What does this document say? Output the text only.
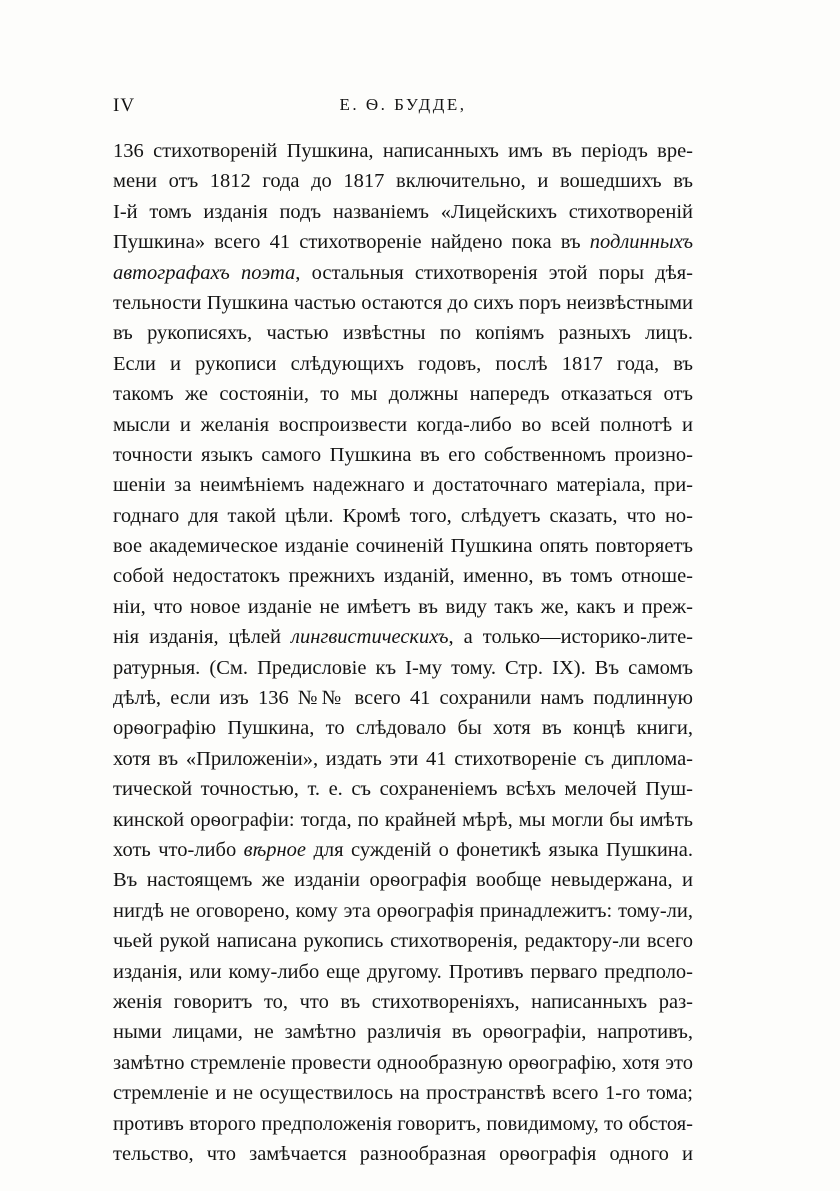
IV	Е. Ѳ. БУДДЕ,
136 стихотвореній Пушкина, написанныхъ имъ въ періодъ вре-
мени отъ 1812 года до 1817 включительно, и вошедшихъ въ
I-й томъ изданія подъ названіемъ «Лицейскихъ стихотвореній
Пушкина» всего 41 стихотвореніе найдено пока въ подлинныхъ
автографахъ поэта, остальныя стихотворенія этой поры дѣя-
тельности Пушкина частью остаются до сихъ поръ неизвѣстными
въ рукописяхъ, частью извѣстны по копіямъ разныхъ лицъ.
Если и рукописи слѣдующихъ годовъ, послѣ 1817 года, въ
такомъ же состояніи, то мы должны напередъ отказаться отъ
мысли и желанія воспроизвести когда-либо во всей полнотѣ и
точности языкъ самого Пушкина въ его собственномъ произно-
шеніи за неимѣніемъ надежнаго и достаточнаго матеріала, при-
годнаго для такой цѣли. Кромѣ того, слѣдуетъ сказать, что но-
вое академическое изданіе сочиненій Пушкина опять повторяетъ
собой недостатокъ прежнихъ изданій, именно, въ томъ отноше-
ніи, что новое изданіе не имѣетъ въ виду такъ же, какъ и преж-
нія изданія, цѣлей лингвистическихъ, а только—историко-литe-
ратурныя. (См. Предисловіе къ I-му тому. Стр. IX). Въ самомъ
дѣлѣ, если изъ 136 №№ всего 41 сохранили намъ подлинную
орѳографію Пушкина, то слѣдовало бы хотя въ концѣ книги,
хотя въ «Приложеніи», издать эти 41 стихотвореніе съ диплома-
тической точностью, т. е. съ сохраненіемъ всѣхъ мелочей Пуш-
кинской орѳографіи: тогда, по крайней мѣрѣ, мы могли бы имѣть
хоть что-либо вѣрное для сужденій о фонетикѣ языка Пушкина.
Въ настоящемъ же изданіи орѳографія вообще невыдержана, и
нигдѣ не оговорено, кому эта орѳографія принадлежитъ: тому-ли,
чьей рукой написана рукопись стихотворенія, редактору-ли всего
изданія, или кому-либо еще другому. Противъ перваго предполо-
женія говоритъ то, что въ стихотвореніяхъ, написанныхъ раз-
ными лицами, не замѣтно различія въ орѳографіи, напротивъ,
замѣтно стремленіе провести однообразную орѳографію, хотя это
стремленіе и не осуществилось на пространствѣ всего 1-го тома;
противъ второго предположенія говоритъ, повидимому, то обстоя-
тельство, что замѣчается разнообразная орѳографія одного и
